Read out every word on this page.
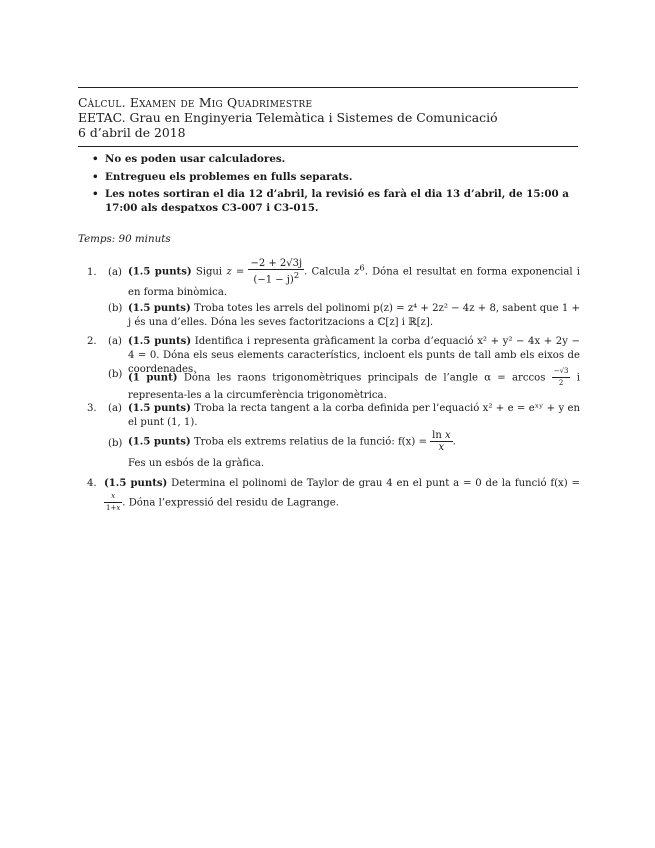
Càlcul. Examen de Mig Quadrimestre
EETAC. Grau en Enginyeria Telemàtica i Sistemes de Comunicació
6 d’abril de 2018
• No es poden usar calculadores.
• Entregueu els problemes en fulls separats.
• Les notes sortiran el dia 12 d’abril, la revisió es farà el dia 13 d’abril, de 15:00 a 17:00 als despatxos C3-007 i C3-015.
Temps: 90 minuts
1. (a) (1.5 punts) Sigui $z = \frac{-2 + 2√3j}{(-1 - j)^2}$ . Calcula $z^6$. Dóna el resultat en forma exponencial i en forma binòmica.
(b) (1.5 punts) Troba totes les arrels del polinomi p(z) = z⁴ + 2z² − 4z + 8, sabent que 1 + j és una d’elles. Dóna les seves factoritzacions a ℂ[z] i ℝ[z].
2. (a) (1.5 punts) Identifica i representa gràficament la corba d’equació x² + y² − 4x + 2y − 4 = 0. Dóna els seus elements característics, incloent els punts de tall amb els eixos de coordenades.
(b) (1 punt) Dóna les raons trigonomètriques principals de l’angle $\alpha = \arccos \frac{-√3}{2}$ i representa-les a la circumferència trigonomètrica.
3. (a) (1.5 punts) Troba la recta tangent a la corba definida per l’equació x² + e = eˣʸ + y en el punt (1, 1).
(b) (1.5 punts) Troba els extrems relatius de la funció: $f(x) = \frac{\text{ln x}}{x}$ .
Fes un esbós de la gràfica.
4. (1.5 punts) Determina el polinomi de Taylor de grau 4 en el punt a = 0 de la funció f(x) =
$\frac{x}{1+x}$ . Dóna l’expressió del residu de Lagrange.
